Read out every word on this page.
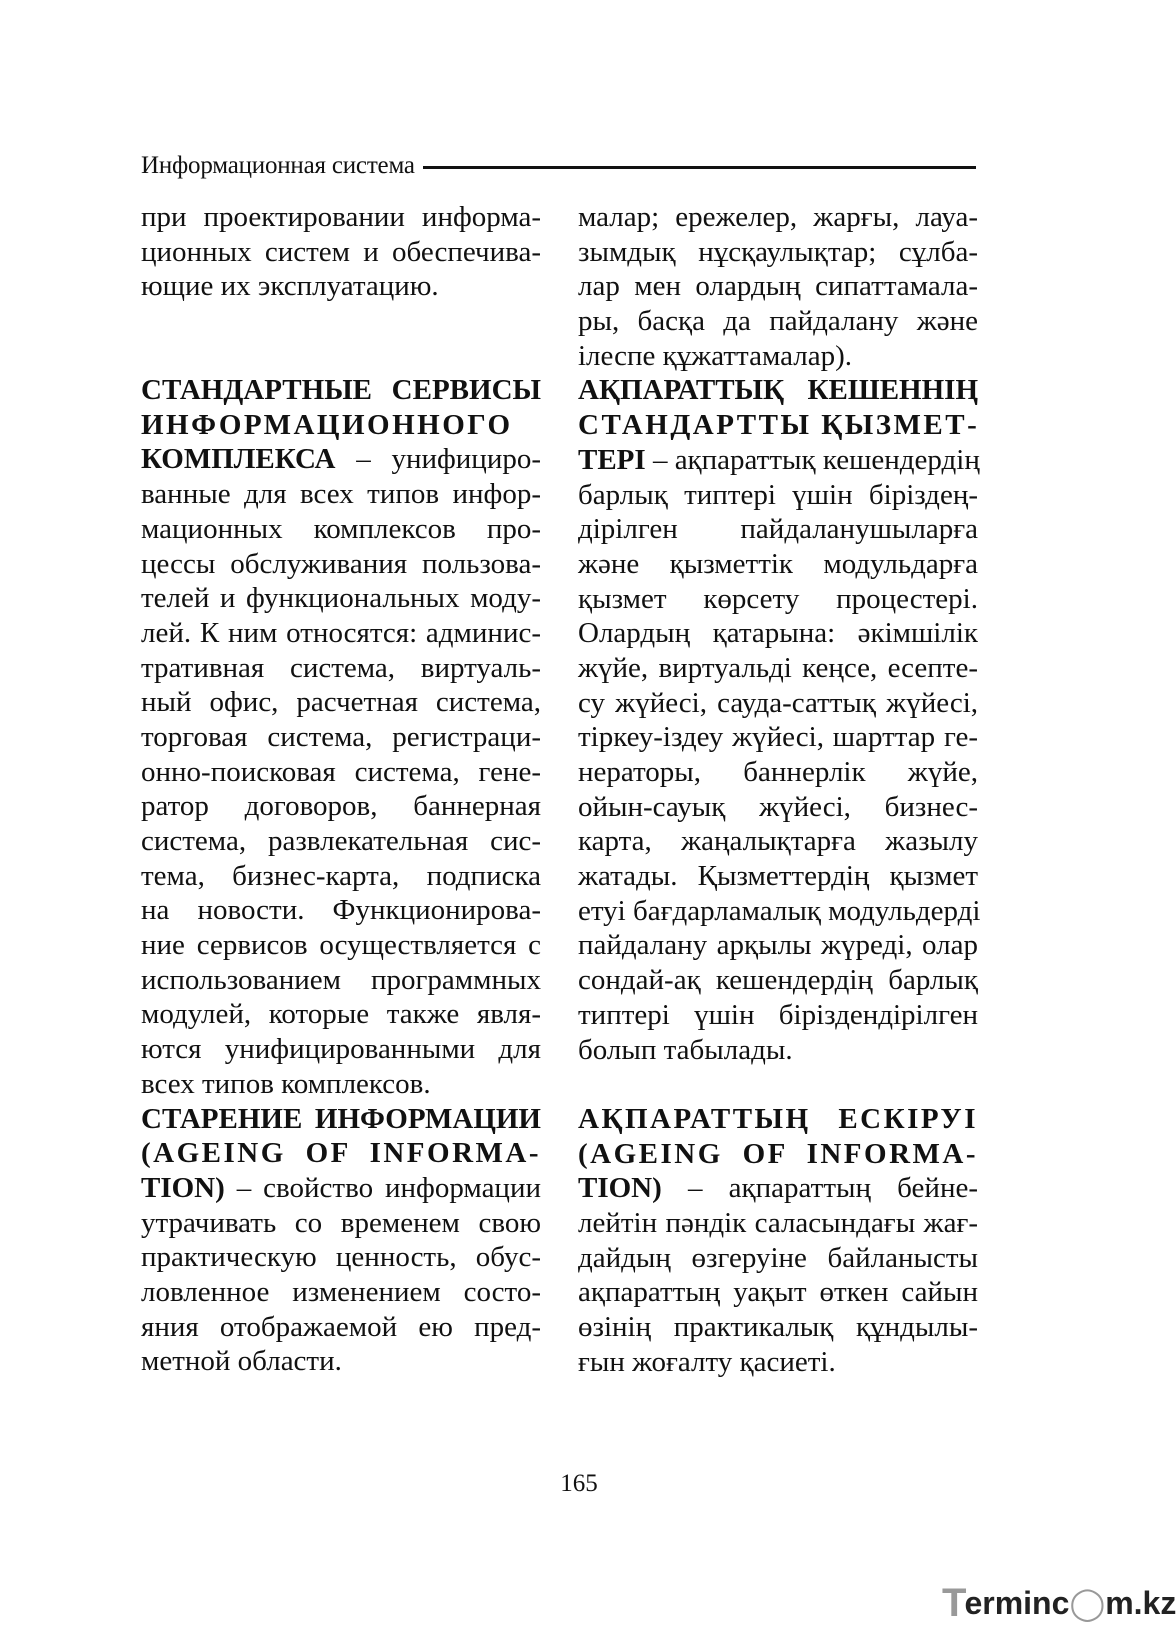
Информационная система
при проектировании информа-
ционных систем и обеспечива-
ющие их эксплуатацию.
СТАНДАРТНЫЕ СЕРВИСЫ
ИНФОРМАЦИОННОГО
КОМПЛЕКСА – унифициро-
ванные для всех типов инфор-
мационных комплексов про-
цессы обслуживания пользова-
телей и функциональных моду-
лей. К ним относятся: админис-
тративная система, виртуаль-
ный офис, расчетная система,
торговая система, регистраци-
онно-поисковая система, гене-
ратор договоров, баннерная
система, развлекательная сис-
тема, бизнес-карта, подписка
на новости. Функционирова-
ние сервисов осуществляется с
использованием программных
модулей, которые также явля-
ются унифицированными для
всех типов комплексов.
СТАРЕНИЕ ИНФОРМАЦИИ
(AGEING OF INFORMA-
TION) – свойство информации
утрачивать со временем свою
практическую ценность, обус-
ловленное изменением состо-
яния отображаемой ею пред-
метной области.
малар; ережелер, жарғы, лауа-
зымдық нұсқаулықтар; сұлба-
лар мен олардың сипаттамала-
ры, басқа да пайдалану және
ілеспе құжаттамалар).
АҚПАРАТТЫҚ КЕШЕННІҢ
СТАНДАРТТЫ ҚЫЗМЕТ-
ТЕРІ – ақпараттық кешендердің
барлық типтері үшін біріздең-
дірілген пайдаланушыларға
және қызметтік модульдарға
қызмет көрсету процестері.
Олардың қатарына: әкімшілік
жүйе, виртуальді кеңсе, есепте-
су жүйесі, сауда-саттық жүйесі,
тіркеу-іздеу жүйесі, шарттар ге-
нераторы, баннерлік жүйе,
ойын-сауық жүйесі, бизнес-
карта, жаңалықтарға жазылу
жатады. Қызметтердің қызмет
етуі бағдарламалық модульдерді
пайдалану арқылы жүреді, олар
сондай-ақ кешендердің барлық
типтері үшін біріздендірілген
болып табылады.
АҚПАРАТТЫҢ ЕСКІРУІ
(AGEING OF INFORMA-
TION) – ақпараттың бейне-
лейтін пәндік саласындағы жағ-
дайдың өзгеруіне байланысты
ақпараттың уақыт өткен сайын
өзінің практикалық құндылы-
ғын жоғалту қасиеті.
165
T
erminc◯m.kz
